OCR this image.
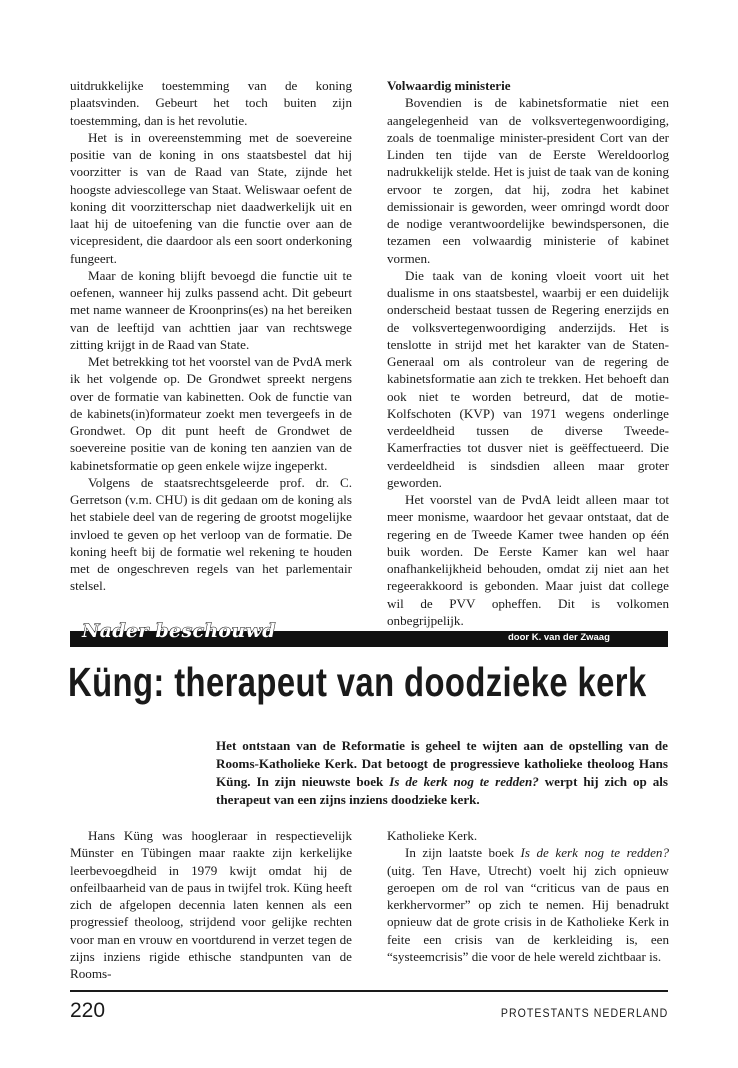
uitdrukkelijke toestemming van de koning plaatsvinden. Gebeurt het toch buiten zijn toestemming, dan is het revolutie.

Het is in overeenstemming met de soevereine positie van de koning in ons staatsbestel dat hij voorzitter is van de Raad van State, zijnde het hoogste adviescollege van Staat. Weliswaar oefent de koning dit voorzitterschap niet daadwerkelijk uit en laat hij de uitoefening van die functie over aan de vicepresident, die daardoor als een soort onderkoning fungeert.

Maar de koning blijft bevoegd die functie uit te oefenen, wanneer hij zulks passend acht. Dit gebeurt met name wanneer de Kroonprins(es) na het bereiken van de leeftijd van achttien jaar van rechtswege zitting krijgt in de Raad van State.

Met betrekking tot het voorstel van de PvdA merk ik het volgende op. De Grondwet spreekt nergens over de formatie van kabinetten. Ook de functie van de kabinets(in)formateur zoekt men tevergeefs in de Grondwet. Op dit punt heeft de Grondwet de soevereine positie van de koning ten aanzien van de kabinetsformatie op geen enkele wijze ingeperkt.

Volgens de staatsrechtsgeleerde prof. dr. C. Gerretson (v.m. CHU) is dit gedaan om de koning als het stabiele deel van de regering de grootst mogelijke invloed te geven op het verloop van de formatie. De koning heeft bij de formatie wel rekening te houden met de ongeschreven regels van het parlementair stelsel.

Volwaardig ministerie

Bovendien is de kabinetsformatie niet een aangelegenheid van de volksvertegenwoordiging, zoals de toenmalige minister-president Cort van der Linden ten tijde van de Eerste Wereldoorlog nadrukkelijk stelde. Het is juist de taak van de koning ervoor te zorgen, dat hij, zodra het kabinet demissionair is geworden, weer omringd wordt door de nodige verantwoordelijke bewindspersonen, die tezamen een volwaardig ministerie of kabinet vormen.

Die taak van de koning vloeit voort uit het dualisme in ons staatsbestel, waarbij er een duidelijk onderscheid bestaat tussen de Regering enerzijds en de volksvertegenwoordiging anderzijds. Het is tenslotte in strijd met het karakter van de Staten-Generaal om als controleur van de regering de kabinetsformatie aan zich te trekken. Het behoeft dan ook niet te worden betreurd, dat de motie-Kolfschoten (KVP) van 1971 wegens onderlinge verdeeldheid tussen de diverse Tweede-Kamerfracties tot dusver niet is geëffectueerd. Die verdeeldheid is sindsdien alleen maar groter geworden.

Het voorstel van de PvdA leidt alleen maar tot meer monisme, waardoor het gevaar ontstaat, dat de regering en de Tweede Kamer twee handen op één buik worden. De Eerste Kamer kan wel haar onafhankelijkheid behouden, omdat zij niet aan het regeerakkoord is gebonden. Maar juist dat college wil de PVV opheffen. Dit is volkomen onbegrijpelijk.

Nader beschouwd	door K. van der Zwaag
Küng: therapeut van doodzieke kerk

Het ontstaan van de Reformatie is geheel te wijten aan de opstelling van de Rooms-Katholieke Kerk. Dat betoogt de progressieve katholieke theoloog Hans Küng. In zijn nieuwste boek Is de kerk nog te redden? werpt hij zich op als therapeut van een zijns inziens doodzieke kerk.

Hans Küng was hoogleraar in respectievelijk Münster en Tübingen maar raakte zijn kerkelijke leerbevoegdheid in 1979 kwijt omdat hij de onfeilbaarheid van de paus in twijfel trok. Küng heeft zich de afgelopen decennia laten kennen als een progressief theoloog, strijdend voor gelijke rechten voor man en vrouw en voortdurend in verzet tegen de zijns inziens rigide ethische standpunten van de Rooms-

Katholieke Kerk.

In zijn laatste boek Is de kerk nog te redden? (uitg. Ten Have, Utrecht) voelt hij zich opnieuw geroepen om de rol van “criticus van de paus en kerkhervormer” op zich te nemen. Hij benadrukt opnieuw dat de grote crisis in de Katholieke Kerk in feite een crisis van de kerkleiding is, een “systeemcrisis” die voor de hele wereld zichtbaar is.

220	PROTESTANTS NEDERLAND
